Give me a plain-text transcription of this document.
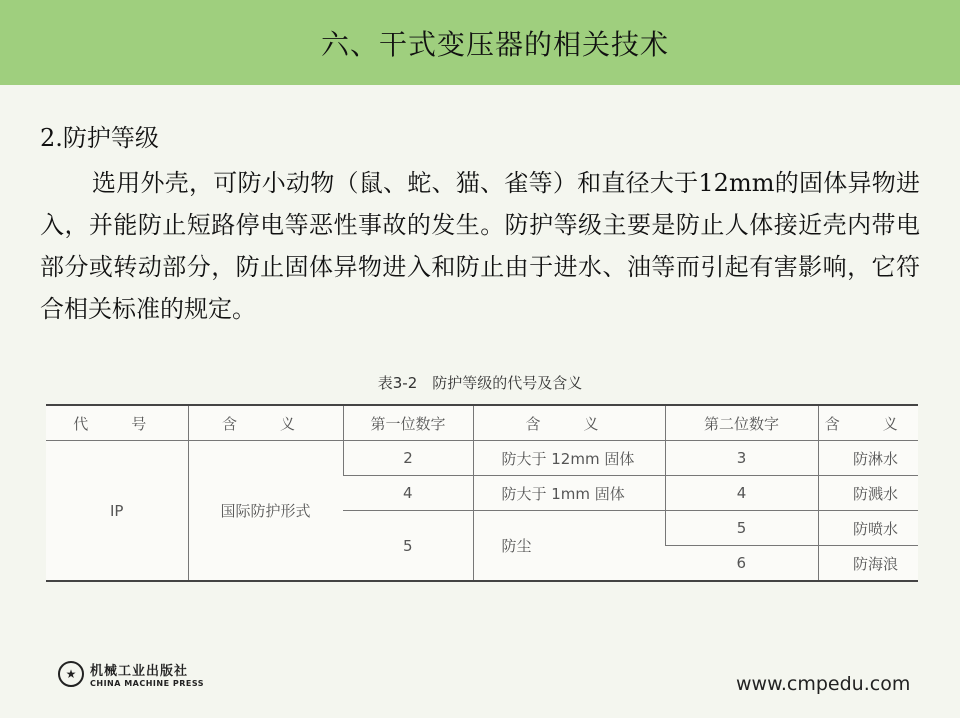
六、干式变压器的相关技术
2.防护等级
选用外壳，可防小动物（鼠、蛇、猫、雀等）和直径大于12mm的固体异物进入，并能防止短路停电等恶性事故的发生。防护等级主要是防止人体接近壳内带电部分或转动部分，防止固体异物进入和防止由于进水、油等而引起有害影响，它符合相关标准的规定。
表3-2　防护等级的代号及含义
代　号	含　义	第一位数字	含　义	第二位数字	含　义
IP	国际防护形式	2	防大于 12mm 固体	3	防淋水
		4	防大于 1mm 固体	4	防溅水
		5	防尘	5	防喷水
				6	防海浪
★	机械工业出版社
CHINA MACHINE PRESS	www.cmpedu.com
